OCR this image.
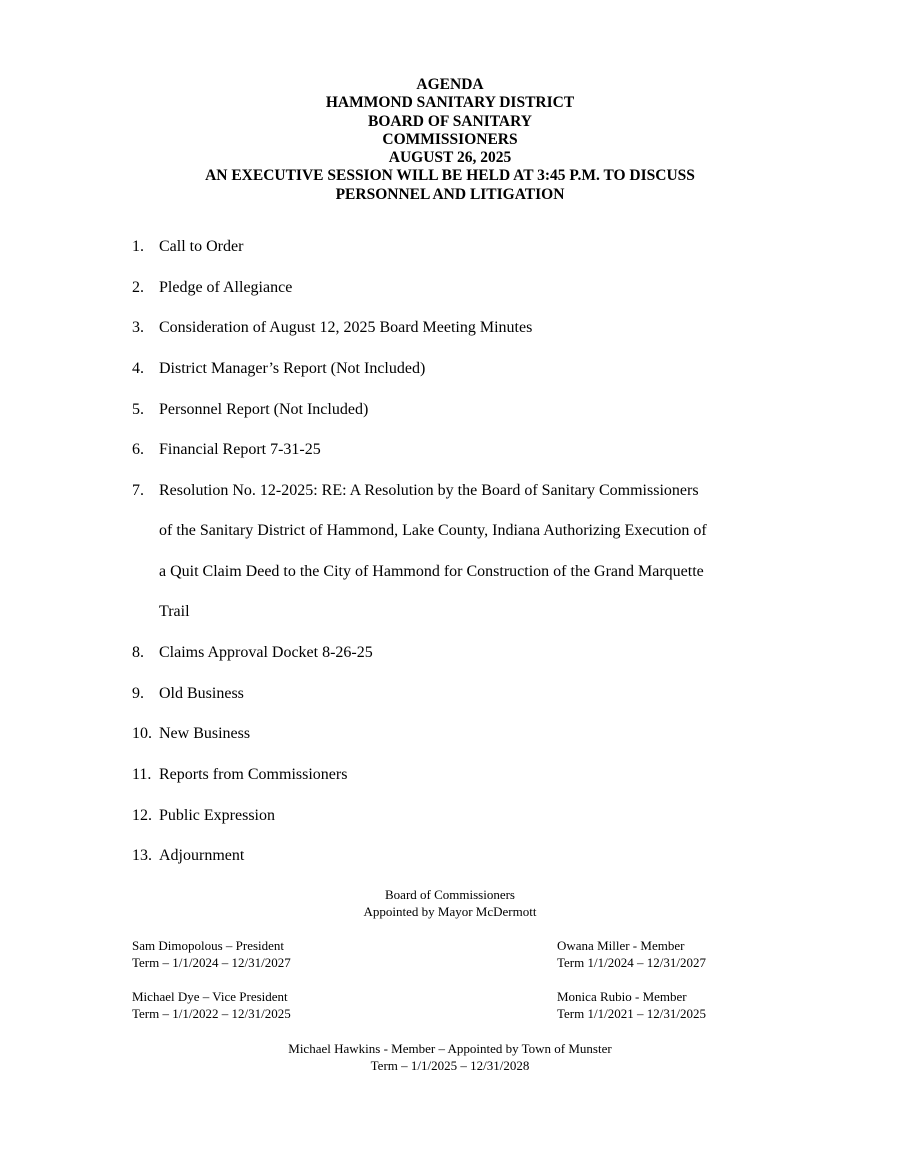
AGENDA
HAMMOND SANITARY DISTRICT
BOARD OF SANITARY
COMMISSIONERS
AUGUST 26, 2025
AN EXECUTIVE SESSION WILL BE HELD AT 3:45 P.M. TO DISCUSS
PERSONNEL AND LITIGATION
1. Call to Order
2. Pledge of Allegiance
3. Consideration of August 12, 2025 Board Meeting Minutes
4. District Manager’s Report (Not Included)
5. Personnel Report (Not Included)
6. Financial Report 7-31-25
7. Resolution No. 12-2025: RE: A Resolution by the Board of Sanitary Commissioners
of the Sanitary District of Hammond, Lake County, Indiana Authorizing Execution of
a Quit Claim Deed to the City of Hammond for Construction of the Grand Marquette
Trail
8. Claims Approval Docket 8-26-25
9. Old Business
10. New Business
11. Reports from Commissioners
12. Public Expression
13. Adjournment
Board of Commissioners
Appointed by Mayor McDermott
Sam Dimopolous – President
Term – 1/1/2024 – 12/31/2027
Owana Miller - Member
Term 1/1/2024 – 12/31/2027
Michael Dye – Vice President
Term – 1/1/2022 – 12/31/2025
Monica Rubio - Member
Term 1/1/2021 – 12/31/2025
Michael Hawkins - Member – Appointed by Town of Munster
Term – 1/1/2025 – 12/31/2028
